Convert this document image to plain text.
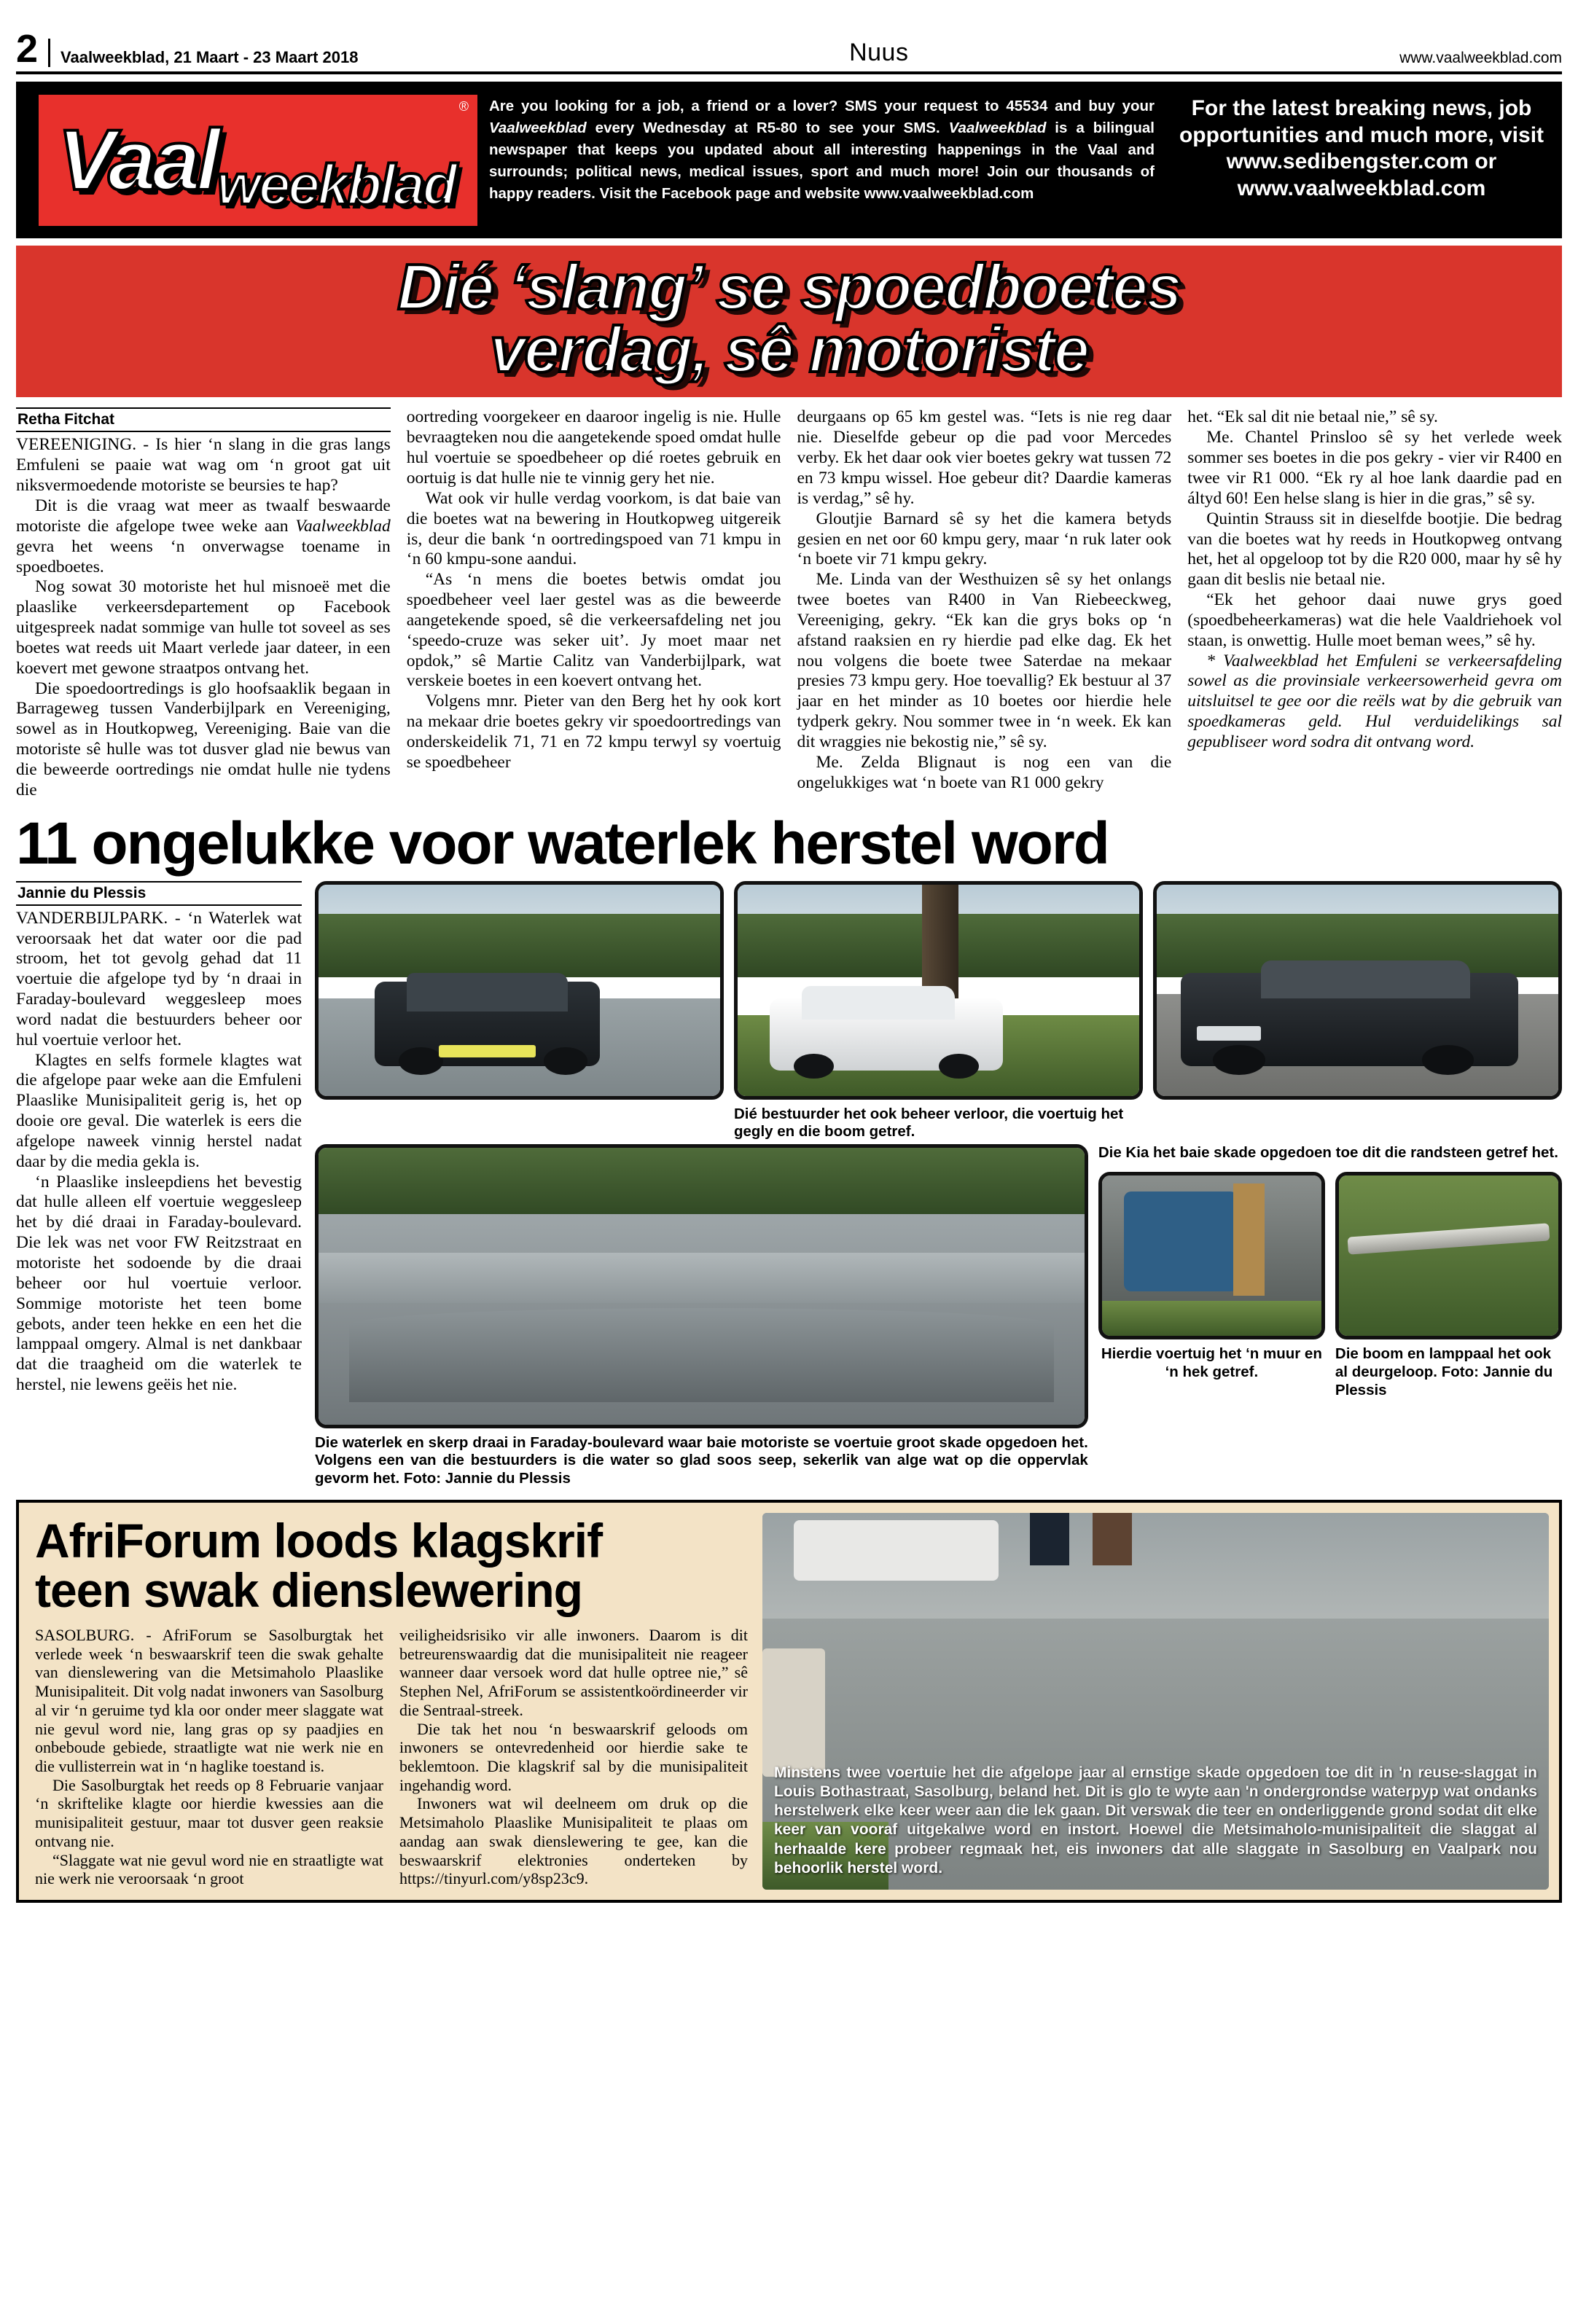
2	Vaalweekblad, 21 Maart - 23 Maart 2018	Nuus	www.vaalweekblad.com
Vaal weekblad
® Are you looking for a job, a friend or a lover? SMS your request to 45534 and buy your Vaalweekblad every Wednesday at R5-80 to see your SMS. Vaalweekblad is a bilingual newspaper that keeps you updated about all interesting happenings in the Vaal and surrounds; political news, medical issues, sport and much more! Join our thousands of happy readers. Visit the Facebook page and website www.vaalweekblad.com
For the latest breaking news, job opportunities and much more, visit www.sedibengster.com or www.vaalweekblad.com
Dié ‘slang’ se spoedboetes
verdag, sê motoriste
Retha Fitchat

VEREENIGING. - Is hier ‘n slang in die gras langs Emfuleni se paaie wat wag om ‘n groot gat uit niksvermoedende motoriste se beursies te hap?

Dit is die vraag wat meer as twaalf beswaarde motoriste die afgelope twee weke aan Vaalweekblad gevra het weens ‘n onverwagse toename in spoedboetes.

Nog sowat 30 motoriste het hul misnoeë met die plaaslike verkeersdepartement op Facebook uitgespreek nadat sommige van hulle tot soveel as ses boetes wat reeds uit Maart verlede jaar dateer, in een koevert met gewone straatpos ontvang het.

Die spoedoortredings is glo hoofsaaklik begaan in Barrageweg tussen Vanderbijlpark en Vereeniging, sowel as in Houtkopweg, Vereeniging. Baie van die motoriste sê hulle was tot dusver glad nie bewus van die beweerde oortredings nie omdat hulle nie tydens die

oortreding voorgekeer en daaroor ingelig is nie. Hulle bevraagteken nou die aangetekende spoed omdat hulle hul voertuie se spoedbeheer op dié roetes gebruik en oortuig is dat hulle nie te vinnig gery het nie.

Wat ook vir hulle verdag voorkom, is dat baie van die boetes wat na bewering in Houtkopweg uitgereik is, deur die bank ‘n oortredingspoed van 71 kmpu in ‘n 60 kmpu-sone aandui.

“As ‘n mens die boetes betwis omdat jou spoedbeheer veel laer gestel was as die beweerde aangetekende spoed, sê die verkeersafdeling net jou ‘speedo-cruze was seker uit’. Jy moet maar net opdok,” sê Martie Calitz van Vanderbijlpark, wat verskeie boetes in een koevert ontvang het.

Volgens mnr. Pieter van den Berg het hy ook kort na mekaar drie boetes gekry vir spoedoortredings van onderskeidelik 71, 71 en 72 kmpu terwyl sy voertuig se spoedbeheer

deurgaans op 65 km gestel was. “Iets is nie reg daar nie. Dieselfde gebeur op die pad voor Mercedes verby. Ek het daar ook vier boetes gekry wat tussen 72 en 73 kmpu wissel. Hoe gebeur dit? Daardie kameras is verdag,” sê hy.

Gloutjie Barnard sê sy het die kamera betyds gesien en net oor 60 kmpu gery, maar ‘n ruk later ook ‘n boete vir 71 kmpu gekry.

Me. Linda van der Westhuizen sê sy het onlangs twee boetes van R400 in Van Riebeeckweg, Vereeniging, gekry. “Ek kan die grys boks op ‘n afstand raaksien en ry hierdie pad elke dag. Ek het nou volgens die boete twee Saterdae na mekaar presies 73 kmpu gery. Hoe toevallig? Ek bestuur al 37 jaar en het minder as 10 boetes oor hierdie hele tydperk gekry. Nou sommer twee in ‘n week. Ek kan dit wraggies nie bekostig nie,” sê sy.

Me. Zelda Blignaut is nog een van die ongelukkiges wat ‘n boete van R1 000 gekry

het. “Ek sal dit nie betaal nie,” sê sy.

Me. Chantel Prinsloo sê sy het verlede week sommer ses boetes in die pos gekry - vier vir R400 en twee vir R1 000. “Ek ry al hoe lank daardie pad en áltyd 60! Een helse slang is hier in die gras,” sê sy.

Quintin Strauss sit in dieselfde bootjie. Die bedrag van die boetes wat hy reeds in Houtkopweg ontvang het, het al opgeloop tot by die R20 000, maar hy sê hy gaan dit beslis nie betaal nie.

“Ek het gehoor daai nuwe grys goed (spoedbeheerkameras) wat die hele Vaaldriehoek vol staan, is onwettig. Hulle moet beman wees,” sê hy.

* Vaalweekblad het Emfuleni se verkeersafdeling sowel as die provinsiale verkeersowerheid gevra om uitsluitsel te gee oor die reëls wat by die gebruik van spoedkameras geld. Hul verduidelikings sal gepubliseer word sodra dit ontvang word.

11 ongelukke voor waterlek herstel word
Jannie du Plessis

VANDERBIJLPARK. - ‘n Waterlek wat veroorsaak het dat water oor die pad stroom, het tot gevolg gehad dat 11 voertuie die afgelope tyd by ‘n draai in Faraday-boulevard weggesleep moes word nadat die bestuurders beheer oor hul voertuie verloor het.

Klagtes en selfs formele klagtes wat die afgelope paar weke aan die Emfuleni Plaaslike Munisipaliteit gerig is, het op dooie ore geval. Die waterlek is eers die afgelope naweek vinnig herstel nadat daar by die media gekla is.

‘n Plaaslike insleepdiens het bevestig dat hulle alleen elf voertuie weggesleep het by dié draai in Faraday-boulevard. Die lek was net voor FW Reitzstraat en motoriste het sodoende by die draai beheer oor hul voertuie verloor. Sommige motoriste het teen bome gebots, ander teen hekke en een het die lamppaal omgery. Almal is net dankbaar dat die traagheid om die waterlek te herstel, nie lewens geëis het nie.

Dié bestuurder het ook beheer verloor, die voertuig het gegly en die boom getref.
Die waterlek en skerp draai in Faraday-boulevard waar baie motoriste se voertuie groot skade opgedoen het. Volgens een van die bestuurders is die water so glad soos seep, sekerlik van alge wat op die oppervlak gevorm het. Foto: Jannie du Plessis
Die Kia het baie skade opgedoen toe dit die randsteen getref het.
Hierdie voertuig het ‘n muur en ‘n hek getref.
Die boom en lamppaal het ook al deurgeloop. Foto: Jannie du Plessis
AfriForum loods klagskrif
teen swak dienslewering

SASOLBURG. - AfriForum se Sasolburgtak het verlede week ‘n beswaarskrif teen die swak gehalte van dienslewering van die Metsimaholo Plaaslike Munisipaliteit. Dit volg nadat inwoners van Sasolburg al vir ‘n geruime tyd kla oor onder meer slaggate wat nie gevul word nie, lang gras op sy paadjies en onbeboude gebiede, straatligte wat nie werk nie en die vullisterrein wat in ‘n haglike toestand is.

Die Sasolburgtak het reeds op 8 Februarie vanjaar ‘n skriftelike klagte oor hierdie kwessies aan die munisipaliteit gestuur, maar tot dusver geen reaksie ontvang nie.

“Slaggate wat nie gevul word nie en straatligte wat nie werk nie veroorsaak ‘n groot

veiligheidsrisiko vir alle inwoners. Daarom is dit betreurenswaardig dat die munisipaliteit nie reageer wanneer daar versoek word dat hulle optree nie,” sê Stephen Nel, AfriForum se assistentkoördineerder vir die Sentraal-streek.

Die tak het nou ‘n beswaarskrif geloods om inwoners se ontevredenheid oor hierdie sake te beklemtoon. Die klagskrif sal by die munisipaliteit ingehandig word.

Inwoners wat wil deelneem om druk op die Metsimaholo Plaaslike Munisipaliteit te plaas om aandag aan swak dienslewering te gee, kan die beswaarskrif elektronies onderteken by https://tinyurl.com/y8sp23c9.

Minstens twee voertuie het die afgelope jaar al ernstige skade opgedoen toe dit in 'n reuse-slaggat in Louis Bothastraat, Sasolburg, beland het. Dit is glo te wyte aan 'n ondergrondse waterpyp wat ondanks herstelwerk elke keer weer aan die lek gaan. Dit verswak die teer en onderliggende grond sodat dit elke keer van vooraf uitgekalwe word en instort. Hoewel die Metsimaholo-munisipaliteit die slaggat al herhaalde kere probeer regmaak het, eis inwoners dat alle slaggate in Sasolburg en Vaalpark nou behoorlik herstel word.
